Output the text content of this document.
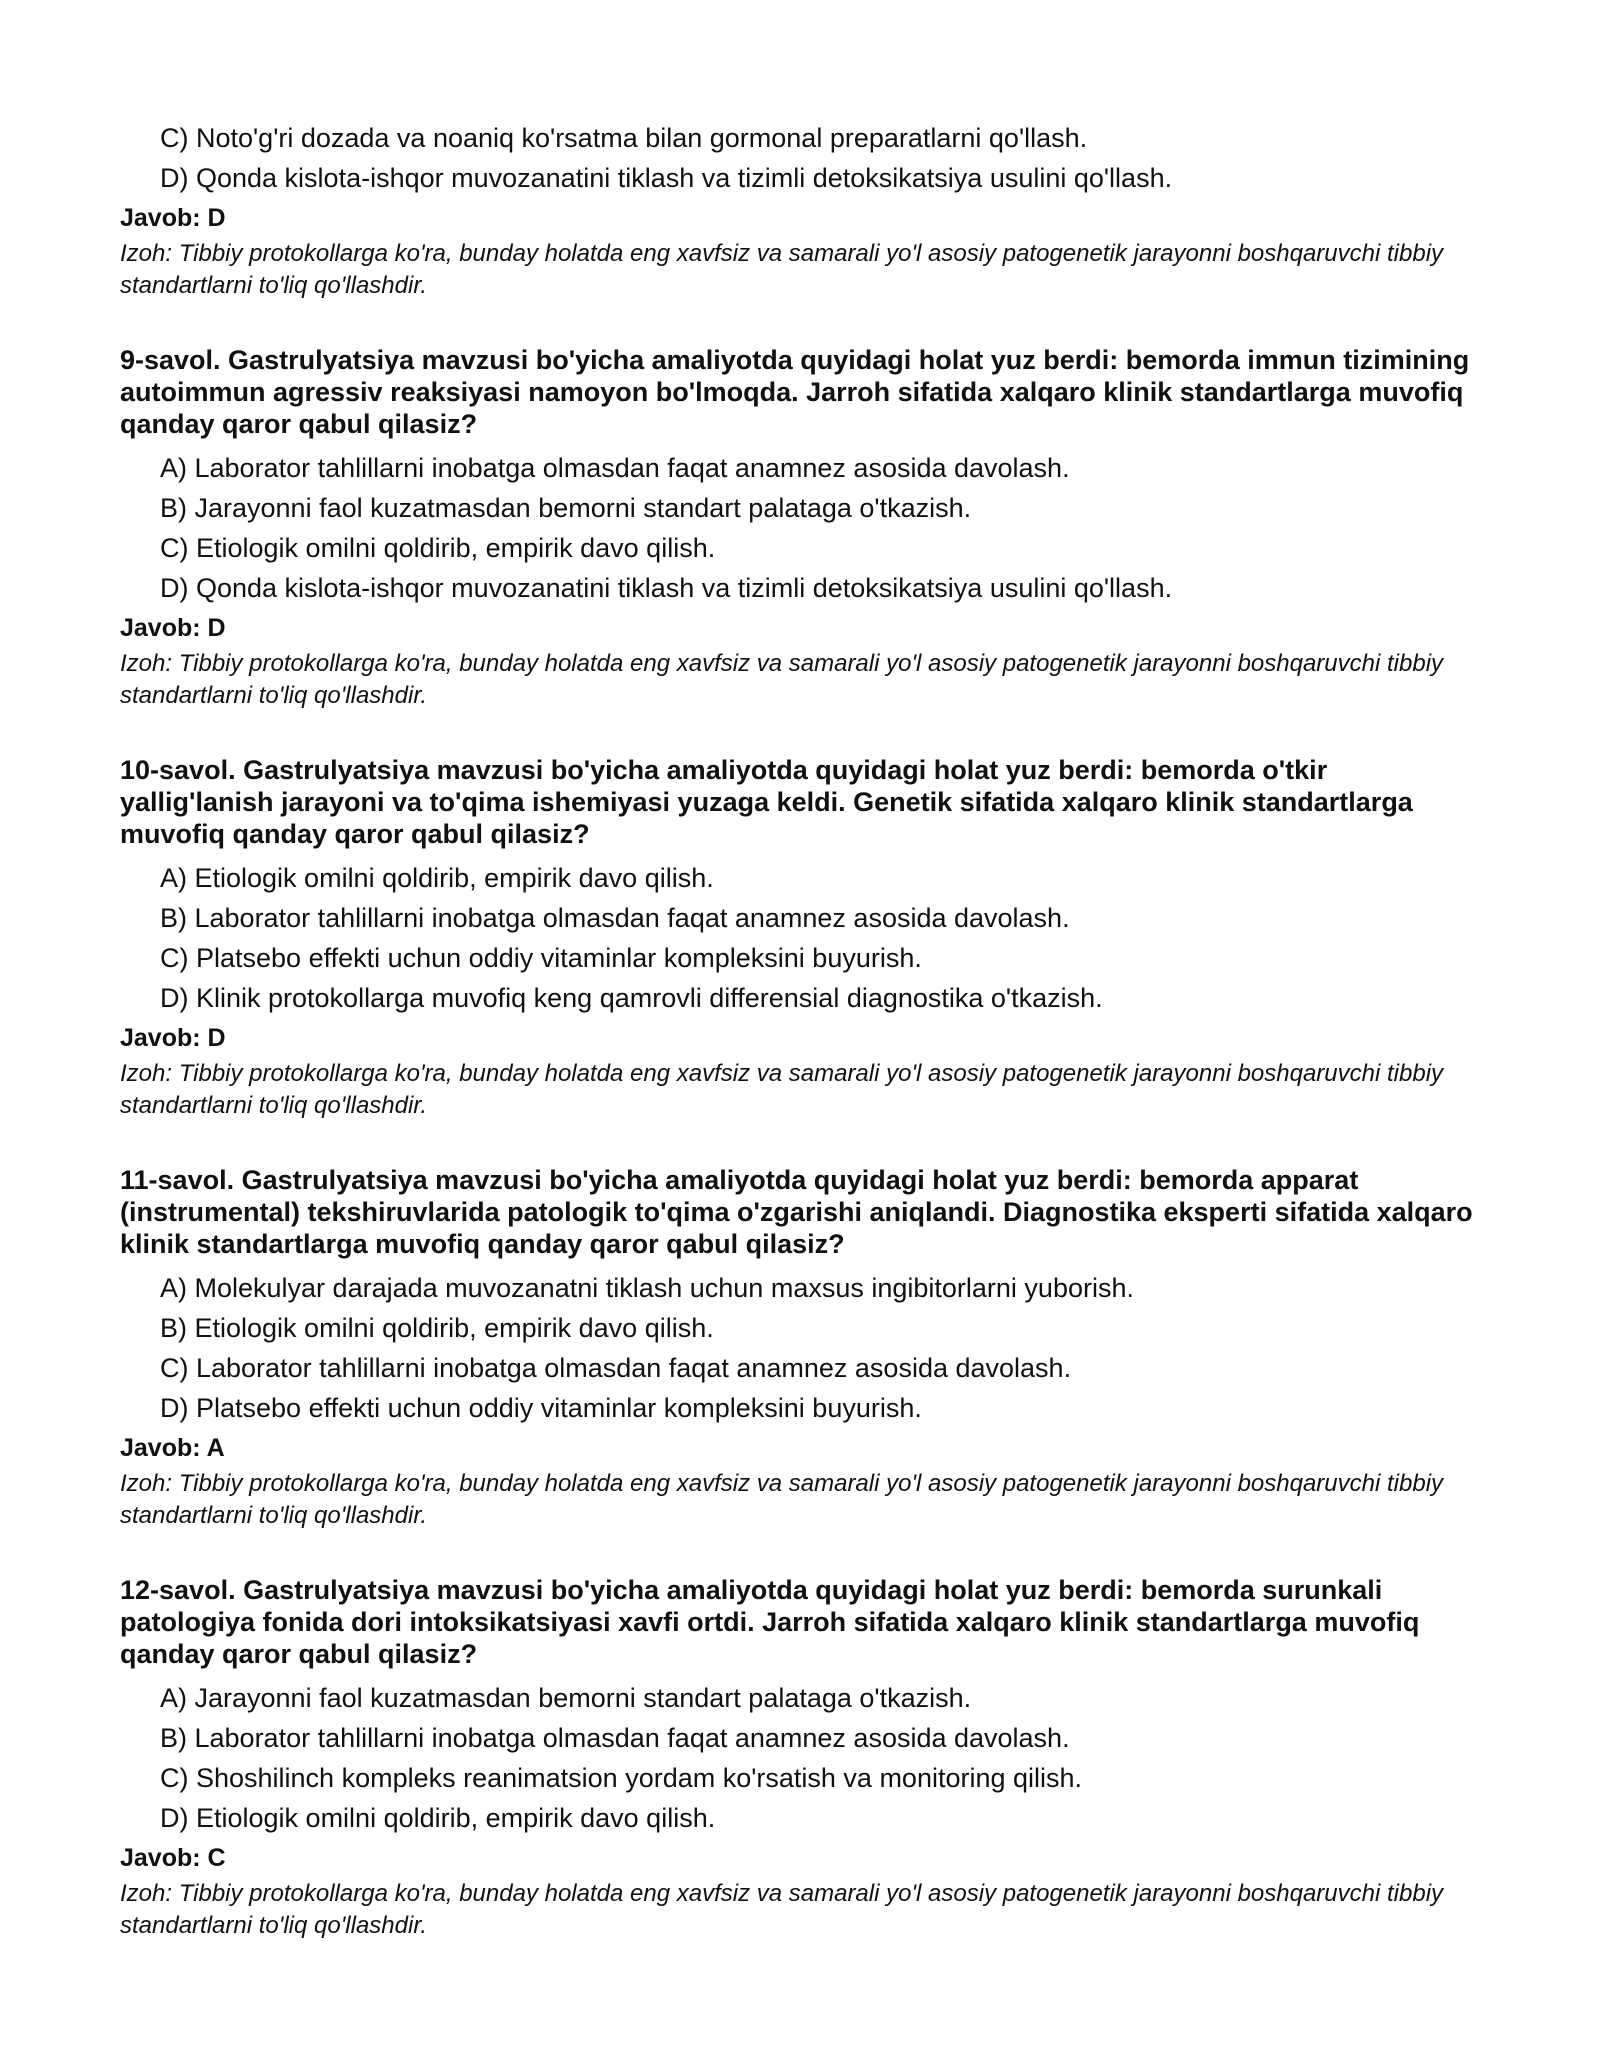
C) Noto'g'ri dozada va noaniq ko'rsatma bilan gormonal preparatlarni qo'llash.
D) Qonda kislota-ishqor muvozanatini tiklash va tizimli detoksikatsiya usulini qo'llash.
Javob: D
Izoh: Tibbiy protokollarga ko'ra, bunday holatda eng xavfsiz va samarali yo'l asosiy patogenetik jarayonni boshqaruvchi tibbiy standartlarni to'liq qo'llashdir.
9-savol. Gastrulyatsiya mavzusi bo'yicha amaliyotda quyidagi holat yuz berdi: bemorda immun tizimining autoimmun agressiv reaksiyasi namoyon bo'lmoqda. Jarroh sifatida xalqaro klinik standartlarga muvofiq qanday qaror qabul qilasiz?
A) Laborator tahlillarni inobatga olmasdan faqat anamnez asosida davolash.
B) Jarayonni faol kuzatmasdan bemorni standart palataga o'tkazish.
C) Etiologik omilni qoldirib, empirik davo qilish.
D) Qonda kislota-ishqor muvozanatini tiklash va tizimli detoksikatsiya usulini qo'llash.
Javob: D
Izoh: Tibbiy protokollarga ko'ra, bunday holatda eng xavfsiz va samarali yo'l asosiy patogenetik jarayonni boshqaruvchi tibbiy standartlarni to'liq qo'llashdir.
10-savol. Gastrulyatsiya mavzusi bo'yicha amaliyotda quyidagi holat yuz berdi: bemorda o'tkir yallig'lanish jarayoni va to'qima ishemiyasi yuzaga keldi. Genetik sifatida xalqaro klinik standartlarga muvofiq qanday qaror qabul qilasiz?
A) Etiologik omilni qoldirib, empirik davo qilish.
B) Laborator tahlillarni inobatga olmasdan faqat anamnez asosida davolash.
C) Platsebo effekti uchun oddiy vitaminlar kompleksini buyurish.
D) Klinik protokollarga muvofiq keng qamrovli differensial diagnostika o'tkazish.
Javob: D
Izoh: Tibbiy protokollarga ko'ra, bunday holatda eng xavfsiz va samarali yo'l asosiy patogenetik jarayonni boshqaruvchi tibbiy standartlarni to'liq qo'llashdir.
11-savol. Gastrulyatsiya mavzusi bo'yicha amaliyotda quyidagi holat yuz berdi: bemorda apparat (instrumental) tekshiruvlarida patologik to'qima o'zgarishi aniqlandi. Diagnostika eksperti sifatida xalqaro klinik standartlarga muvofiq qanday qaror qabul qilasiz?
A) Molekulyar darajada muvozanatni tiklash uchun maxsus ingibitorlarni yuborish.
B) Etiologik omilni qoldirib, empirik davo qilish.
C) Laborator tahlillarni inobatga olmasdan faqat anamnez asosida davolash.
D) Platsebo effekti uchun oddiy vitaminlar kompleksini buyurish.
Javob: A
Izoh: Tibbiy protokollarga ko'ra, bunday holatda eng xavfsiz va samarali yo'l asosiy patogenetik jarayonni boshqaruvchi tibbiy standartlarni to'liq qo'llashdir.
12-savol. Gastrulyatsiya mavzusi bo'yicha amaliyotda quyidagi holat yuz berdi: bemorda surunkali patologiya fonida dori intoksikatsiyasi xavfi ortdi. Jarroh sifatida xalqaro klinik standartlarga muvofiq qanday qaror qabul qilasiz?
A) Jarayonni faol kuzatmasdan bemorni standart palataga o'tkazish.
B) Laborator tahlillarni inobatga olmasdan faqat anamnez asosida davolash.
C) Shoshilinch kompleks reanimatsion yordam ko'rsatish va monitoring qilish.
D) Etiologik omilni qoldirib, empirik davo qilish.
Javob: C
Izoh: Tibbiy protokollarga ko'ra, bunday holatda eng xavfsiz va samarali yo'l asosiy patogenetik jarayonni boshqaruvchi tibbiy standartlarni to'liq qo'llashdir.
